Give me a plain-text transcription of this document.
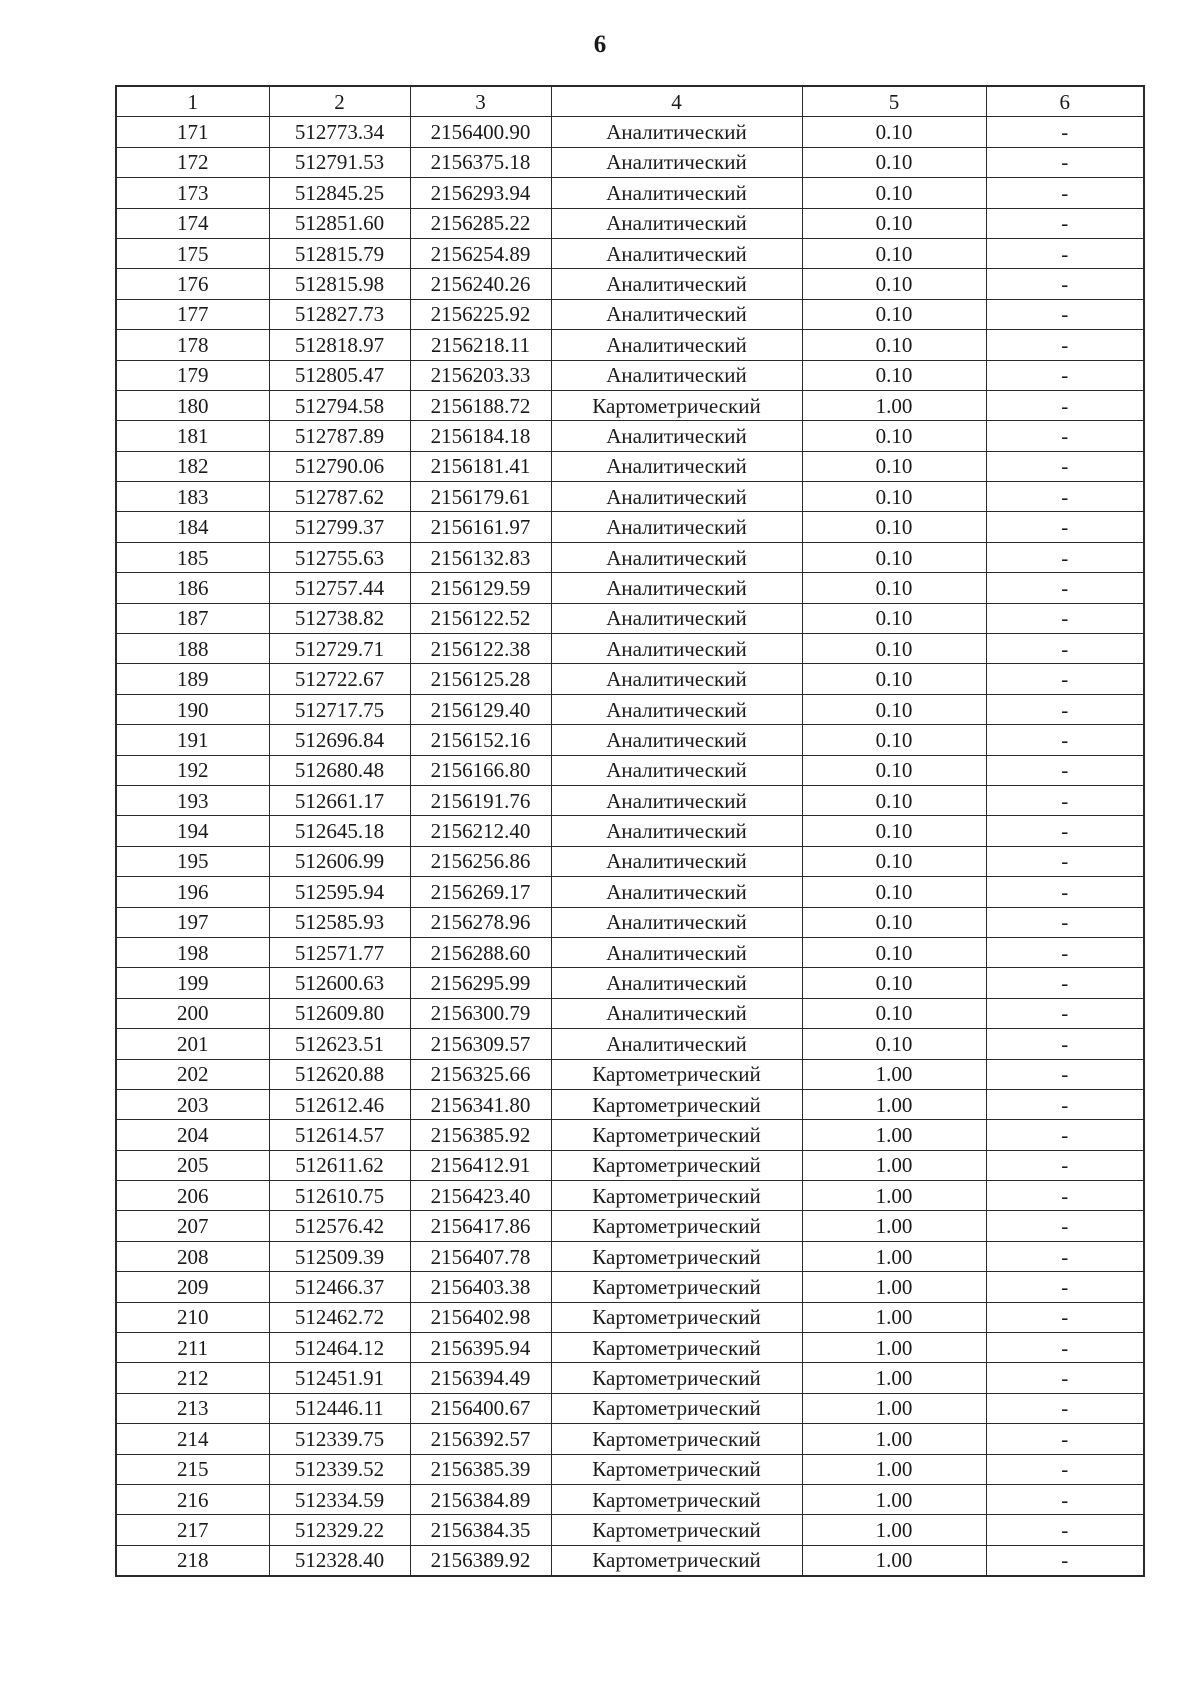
6
1	2	3	4	5	6
171	512773.34	2156400.90	Аналитический	0.10	-
172	512791.53	2156375.18	Аналитический	0.10	-
173	512845.25	2156293.94	Аналитический	0.10	-
174	512851.60	2156285.22	Аналитический	0.10	-
175	512815.79	2156254.89	Аналитический	0.10	-
176	512815.98	2156240.26	Аналитический	0.10	-
177	512827.73	2156225.92	Аналитический	0.10	-
178	512818.97	2156218.11	Аналитический	0.10	-
179	512805.47	2156203.33	Аналитический	0.10	-
180	512794.58	2156188.72	Картометрический	1.00	-
181	512787.89	2156184.18	Аналитический	0.10	-
182	512790.06	2156181.41	Аналитический	0.10	-
183	512787.62	2156179.61	Аналитический	0.10	-
184	512799.37	2156161.97	Аналитический	0.10	-
185	512755.63	2156132.83	Аналитический	0.10	-
186	512757.44	2156129.59	Аналитический	0.10	-
187	512738.82	2156122.52	Аналитический	0.10	-
188	512729.71	2156122.38	Аналитический	0.10	-
189	512722.67	2156125.28	Аналитический	0.10	-
190	512717.75	2156129.40	Аналитический	0.10	-
191	512696.84	2156152.16	Аналитический	0.10	-
192	512680.48	2156166.80	Аналитический	0.10	-
193	512661.17	2156191.76	Аналитический	0.10	-
194	512645.18	2156212.40	Аналитический	0.10	-
195	512606.99	2156256.86	Аналитический	0.10	-
196	512595.94	2156269.17	Аналитический	0.10	-
197	512585.93	2156278.96	Аналитический	0.10	-
198	512571.77	2156288.60	Аналитический	0.10	-
199	512600.63	2156295.99	Аналитический	0.10	-
200	512609.80	2156300.79	Аналитический	0.10	-
201	512623.51	2156309.57	Аналитический	0.10	-
202	512620.88	2156325.66	Картометрический	1.00	-
203	512612.46	2156341.80	Картометрический	1.00	-
204	512614.57	2156385.92	Картометрический	1.00	-
205	512611.62	2156412.91	Картометрический	1.00	-
206	512610.75	2156423.40	Картометрический	1.00	-
207	512576.42	2156417.86	Картометрический	1.00	-
208	512509.39	2156407.78	Картометрический	1.00	-
209	512466.37	2156403.38	Картометрический	1.00	-
210	512462.72	2156402.98	Картометрический	1.00	-
211	512464.12	2156395.94	Картометрический	1.00	-
212	512451.91	2156394.49	Картометрический	1.00	-
213	512446.11	2156400.67	Картометрический	1.00	-
214	512339.75	2156392.57	Картометрический	1.00	-
215	512339.52	2156385.39	Картометрический	1.00	-
216	512334.59	2156384.89	Картометрический	1.00	-
217	512329.22	2156384.35	Картометрический	1.00	-
218	512328.40	2156389.92	Картометрический	1.00	-
